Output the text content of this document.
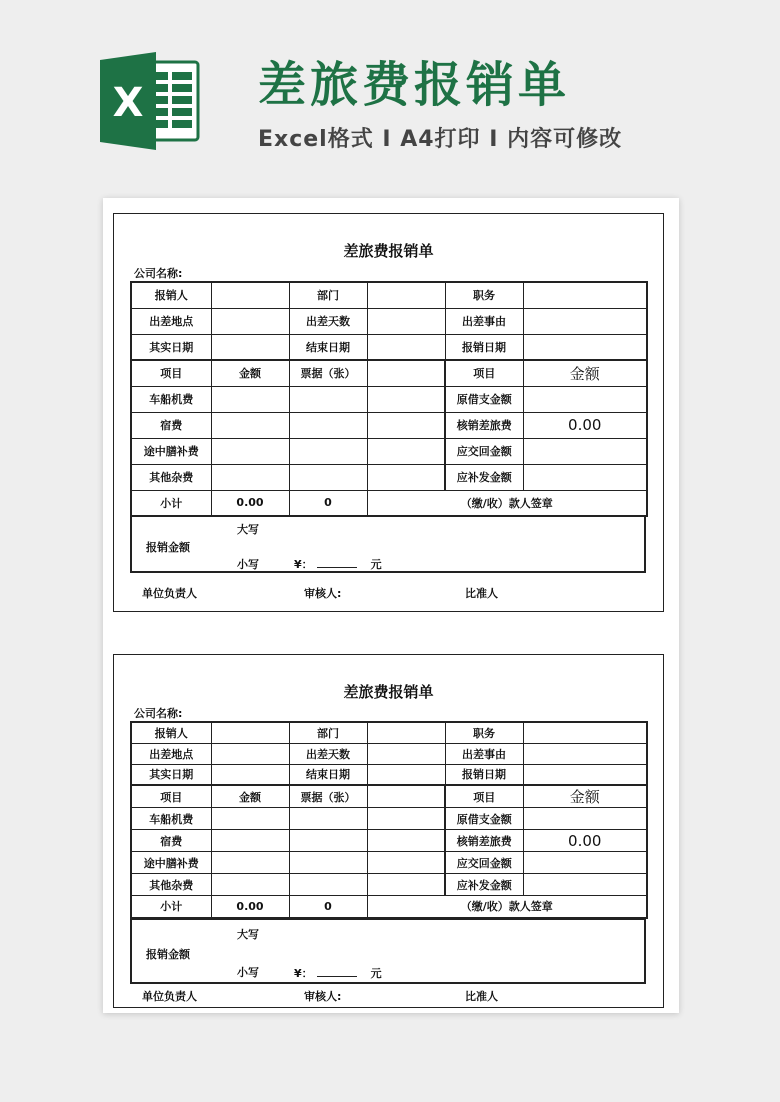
X 差旅费报销单
Excel格式 I A4打印 I 内容可修改
差旅费报销单
公司名称:
报销人		部门		职务	
出差地点		出差天数		出差事由	
其实日期		结束日期		报销日期	
项目	金额	票据（张）		项目	金额
车船机费				原借支金额	
宿费				核销差旅费	0.00
途中膳补费				应交回金额	
其他杂费				应补发金额	
小计	0.00	0	（缴/收）款人签章		
报销金额
大写
小写	¥：	元
单位负责人	审核人:	比准人
差旅费报销单
公司名称:
报销人		部门		职务	
出差地点		出差天数		出差事由	
其实日期		结束日期		报销日期	
项目	金额	票据（张）		项目	金额
车船机费				原借支金额	
宿费				核销差旅费	0.00
途中膳补费				应交回金额	
其他杂费				应补发金额	
小计	0.00	0	（缴/收）款人签章		
报销金额
大写
小写	¥：	元
单位负责人	审核人:	比准人
